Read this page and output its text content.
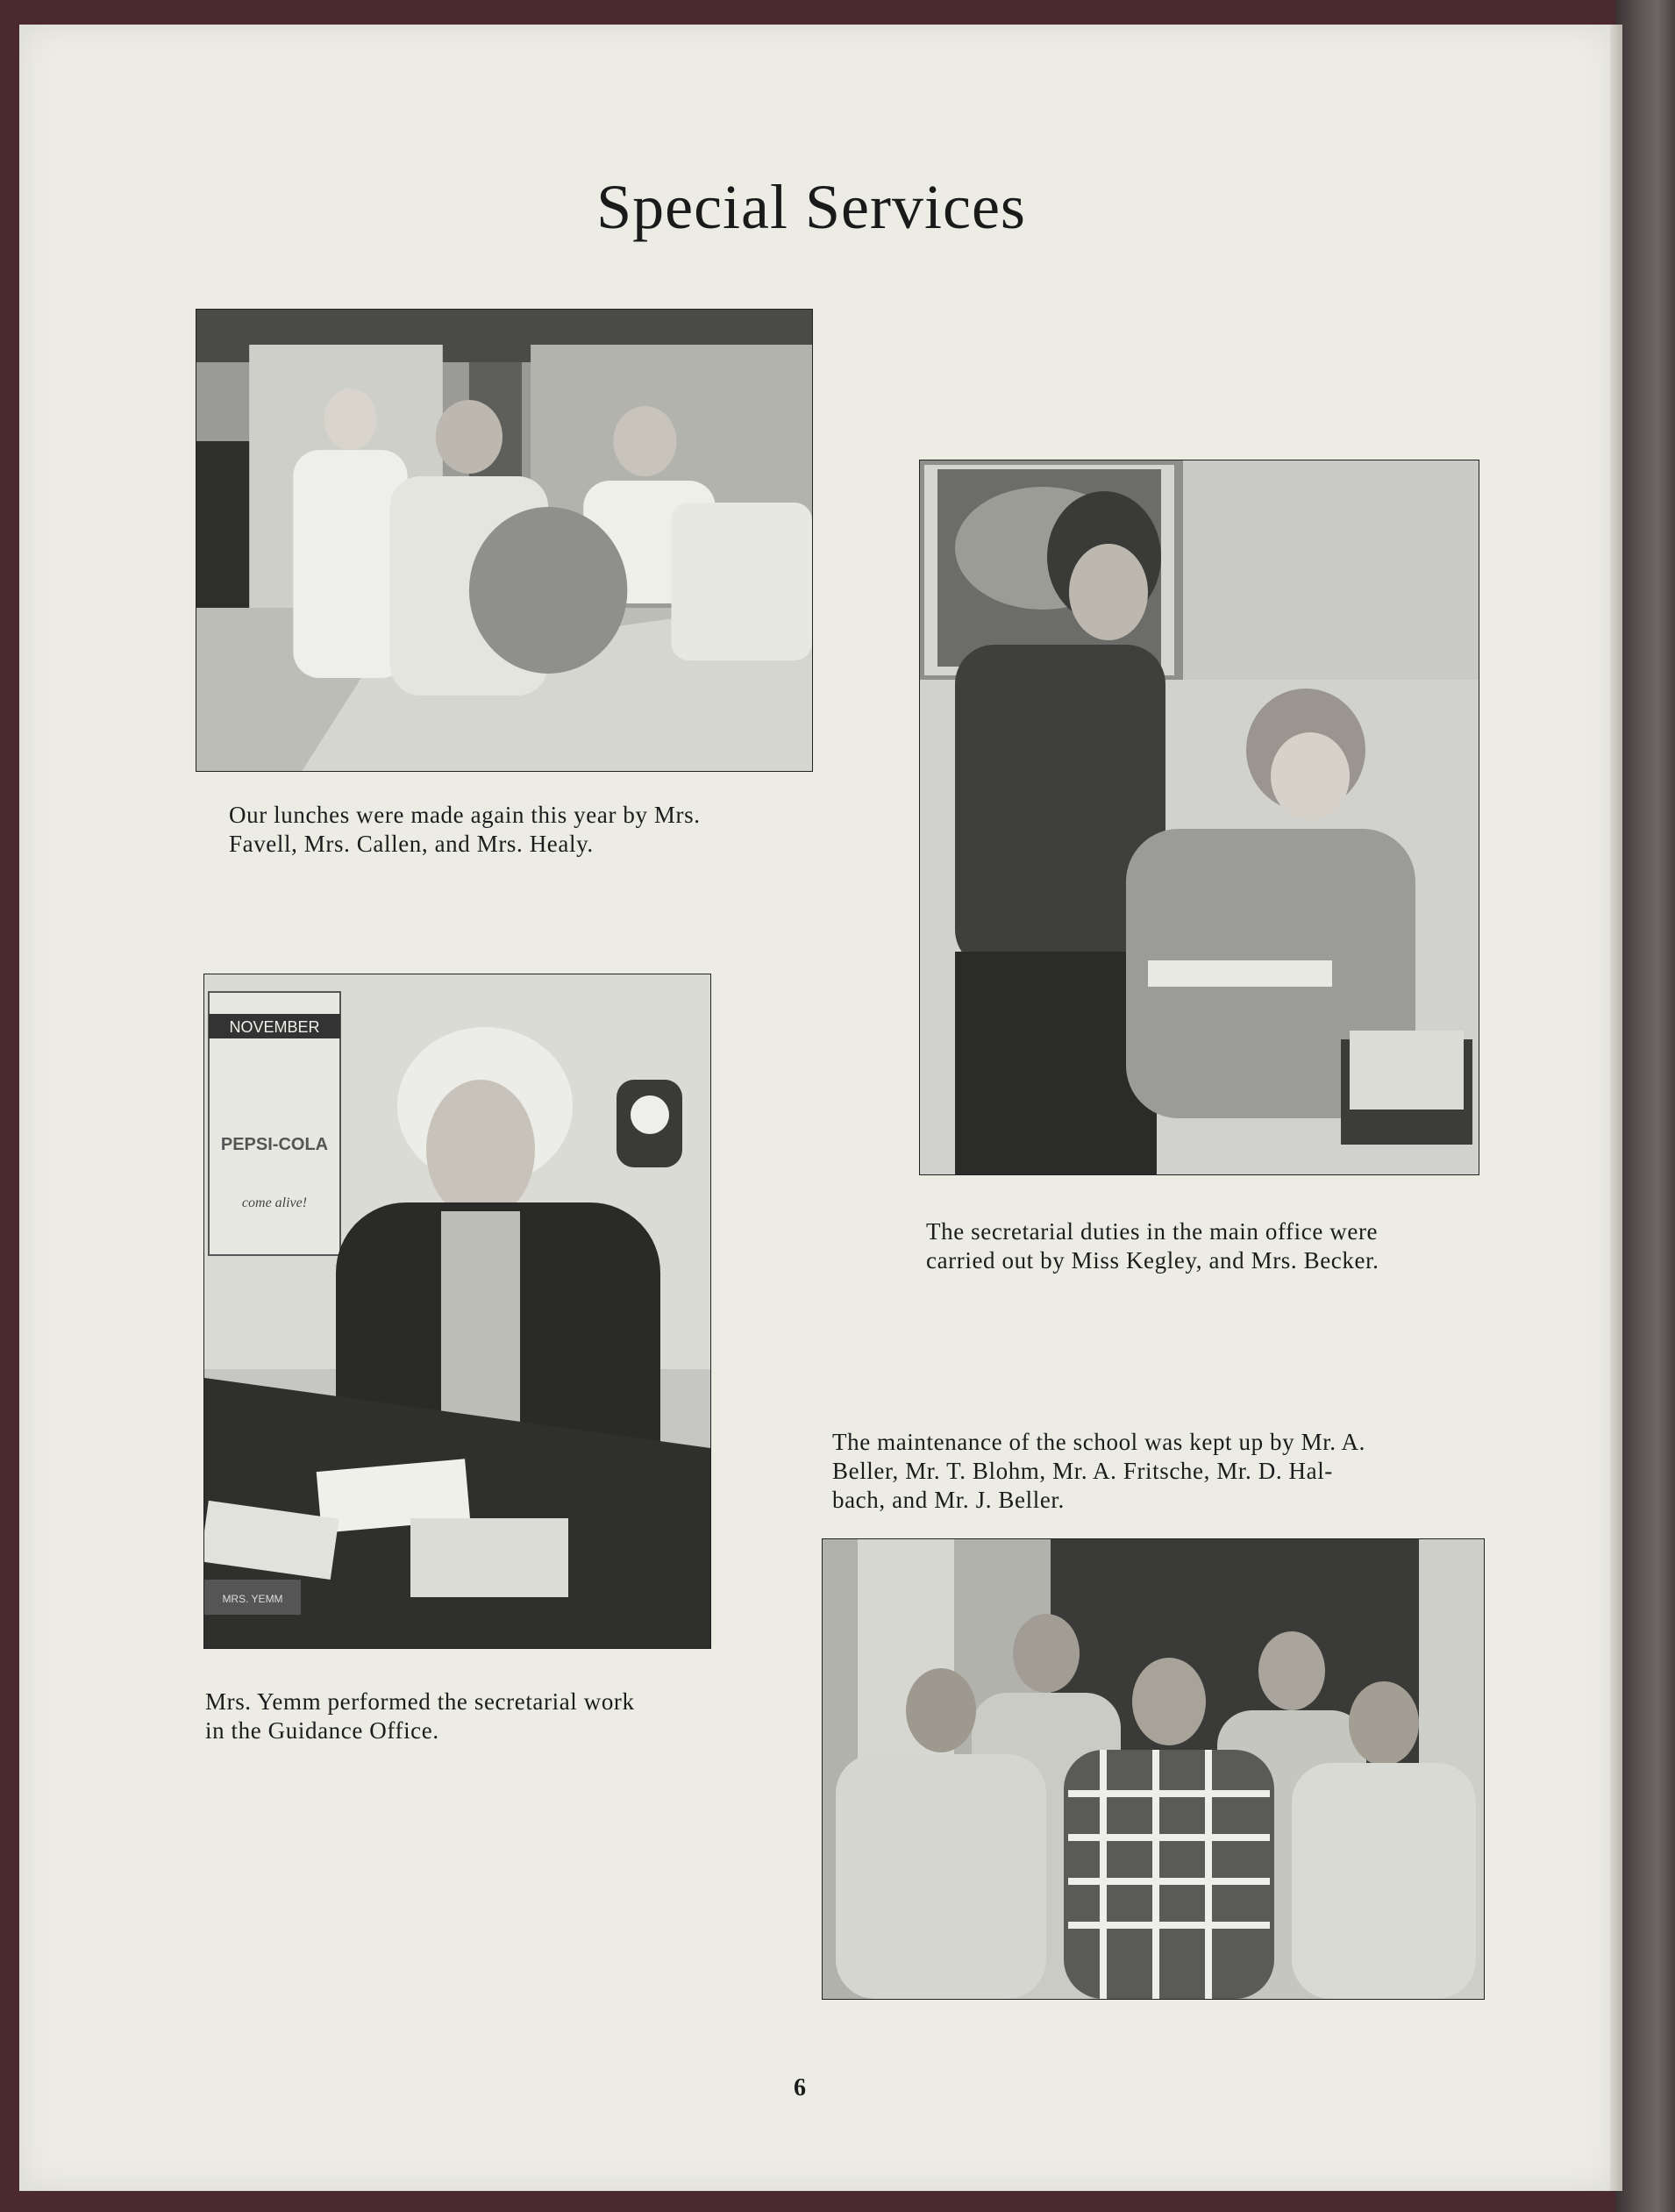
Special Services
Our lunches were made again this year by Mrs.
Favell, Mrs. Callen, and Mrs. Healy.
The secretarial duties in the main office were
carried out by Miss Kegley, and Mrs. Becker.
NOVEMBER
PEPSI-COLA
come alive!
MRS. YEMM
The maintenance of the school was kept up by Mr. A.
Beller, Mr. T. Blohm, Mr. A. Fritsche, Mr. D. Hal-
bach, and Mr. J. Beller.
Mrs. Yemm performed the secretarial work
in the Guidance Office.
6
